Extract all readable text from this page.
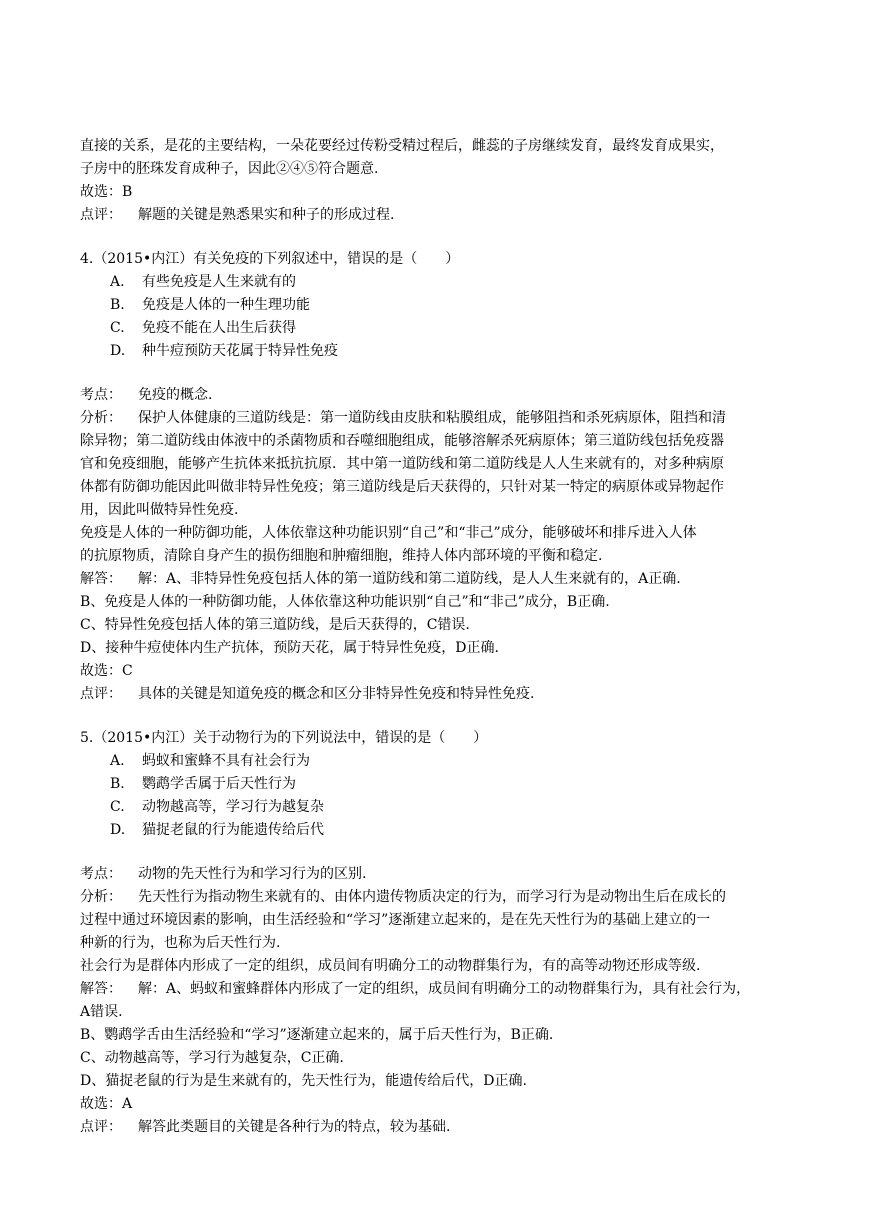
直接的关系，是花的主要结构，一朵花要经过传粉受精过程后，雌蕊的子房继续发育，最终发育成果实，
子房中的胚珠发育成种子，因此②④⑤符合题意.
故选：B
点评： 解题的关键是熟悉果实和种子的形成过程.
4.（2015•内江）有关免疫的下列叙述中，错误的是（　　）
A. 有些免疫是人生来就有的
B. 免疫是人体的一种生理功能
C. 免疫不能在人出生后获得
D. 种牛痘预防天花属于特异性免疫
考点： 免疫的概念.
分析： 保护人体健康的三道防线是：第一道防线由皮肤和粘膜组成，能够阻挡和杀死病原体，阻挡和清
除异物；第二道防线由体液中的杀菌物质和吞噬细胞组成，能够溶解杀死病原体；第三道防线包括免疫器
官和免疫细胞，能够产生抗体来抵抗抗原．其中第一道防线和第二道防线是人人生来就有的，对多种病原
体都有防御功能因此叫做非特异性免疫；第三道防线是后天获得的，只针对某一特定的病原体或异物起作
用，因此叫做特异性免疫.
免疫是人体的一种防御功能，人体依靠这种功能识别“自己”和“非己”成分，能够破坏和排斥进入人体
的抗原物质，清除自身产生的损伤细胞和肿瘤细胞，维持人体内部环境的平衡和稳定.
解答： 解：A、非特异性免疫包括人体的第一道防线和第二道防线，是人人生来就有的，A正确.
B、免疫是人体的一种防御功能，人体依靠这种功能识别“自己”和“非己”成分，B正确.
C、特异性免疫包括人体的第三道防线，是后天获得的，C错误.
D、接种牛痘使体内生产抗体，预防天花，属于特异性免疫，D正确.
故选：C
点评： 具体的关键是知道免疫的概念和区分非特异性免疫和特异性免疫.
5.（2015•内江）关于动物行为的下列说法中，错误的是（　　）
A. 蚂蚁和蜜蜂不具有社会行为
B. 鹦鹉学舌属于后天性行为
C. 动物越高等，学习行为越复杂
D. 猫捉老鼠的行为能遗传给后代
考点： 动物的先天性行为和学习行为的区别.
分析： 先天性行为指动物生来就有的、由体内遗传物质决定的行为，而学习行为是动物出生后在成长的
过程中通过环境因素的影响，由生活经验和“学习”逐渐建立起来的，是在先天性行为的基础上建立的一
种新的行为，也称为后天性行为.
社会行为是群体内形成了一定的组织，成员间有明确分工的动物群集行为，有的高等动物还形成等级.
解答： 解：A、蚂蚁和蜜蜂群体内形成了一定的组织，成员间有明确分工的动物群集行为，具有社会行为，
A错误.
B、鹦鹉学舌由生活经验和“学习”逐渐建立起来的，属于后天性行为，B正确.
C、动物越高等，学习行为越复杂，C正确.
D、猫捉老鼠的行为是生来就有的，先天性行为，能遗传给后代，D正确.
故选：A
点评： 解答此类题目的关键是各种行为的特点，较为基础.
